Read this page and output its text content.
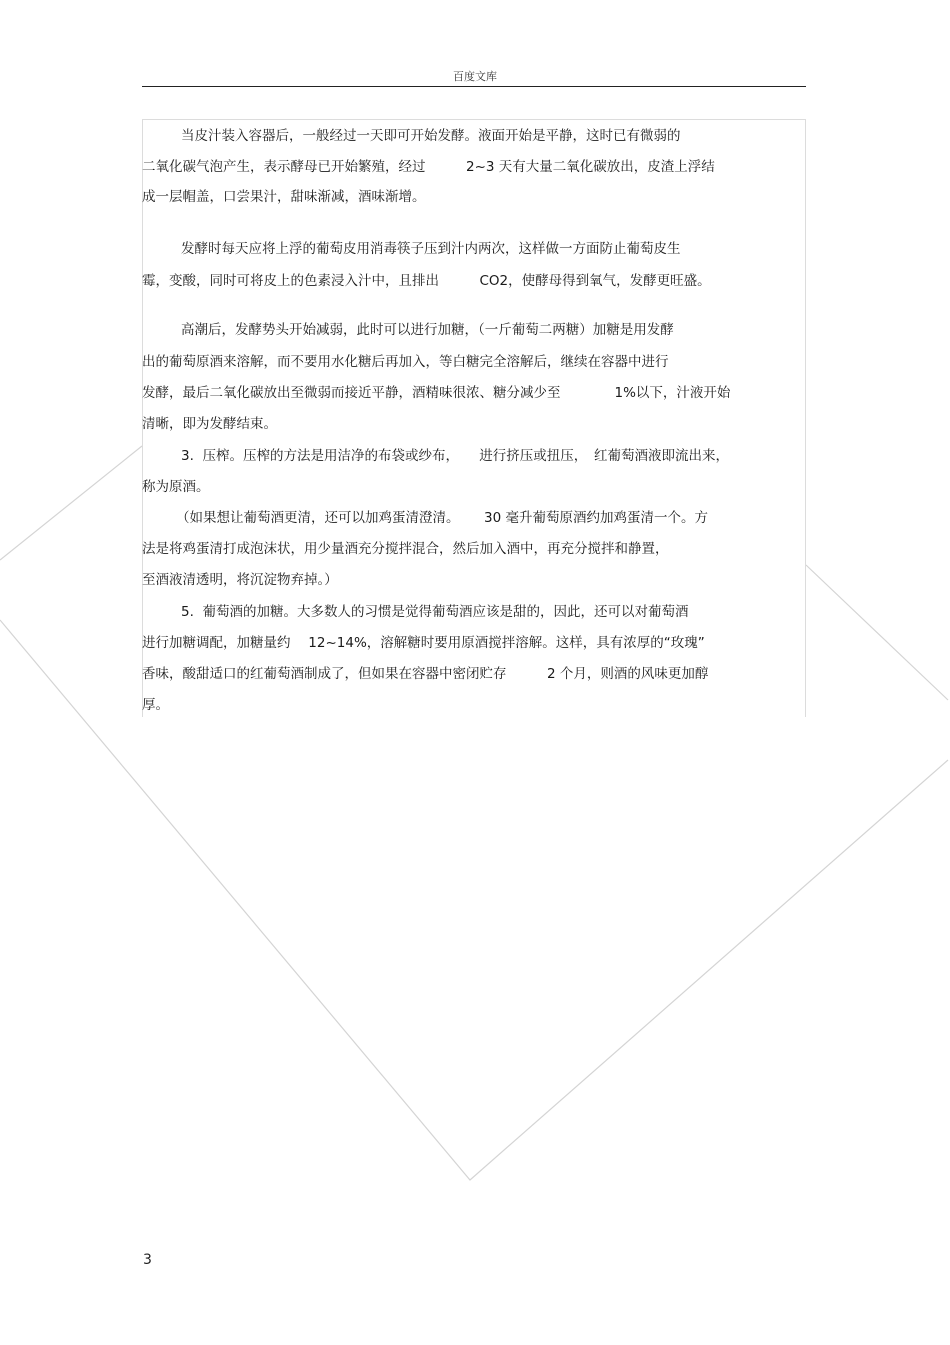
百度文库
当皮汁装入容器后，一般经过一天即可开始发酵。液面开始是平静，这时已有微弱的
二氧化碳气泡产生，表示酵母已开始繁殖，经过　　　2~3 天有大量二氧化碳放出，皮渣上浮结
成一层帽盖，口尝果汁，甜味渐减，酒味渐增。
发酵时每天应将上浮的葡萄皮用消毒筷子压到汁内两次，这样做一方面防止葡萄皮生
霉，变酸，同时可将皮上的色素浸入汁中，且排出　　　CO2，使酵母得到氧气，发酵更旺盛。
高潮后，发酵势头开始减弱，此时可以进行加糖，（一斤葡萄二两糖）加糖是用发酵
出的葡萄原酒来溶解，而不要用水化糖后再加入，等白糖完全溶解后，继续在容器中进行
发酵，最后二氧化碳放出至微弱而接近平静，酒精味很浓、糖分减少至　　　　1%以下，汁液开始
清晰，即为发酵结束。
3.  压榨。压榨的方法是用洁净的布袋或纱布，　　进行挤压或扭压，　红葡萄酒液即流出来，
称为原酒。
（如果想让葡萄酒更清，还可以加鸡蛋清澄清。　　 30 毫升葡萄原酒约加鸡蛋清一个。方
法是将鸡蛋清打成泡沫状，用少量酒充分搅拌混合，然后加入酒中，再充分搅拌和静置，
至酒液清透明，将沉淀物弃掉。）
5.  葡萄酒的加糖。大多数人的习惯是觉得葡萄酒应该是甜的，因此，还可以对葡萄酒
进行加糖调配，加糖量约　 12~14%，溶解糖时要用原酒搅拌溶解。这样，具有浓厚的“玫瑰”
香味，酸甜适口的红葡萄酒制成了，但如果在容器中密闭贮存　　　2 个月，则酒的风味更加醇
厚。
3
